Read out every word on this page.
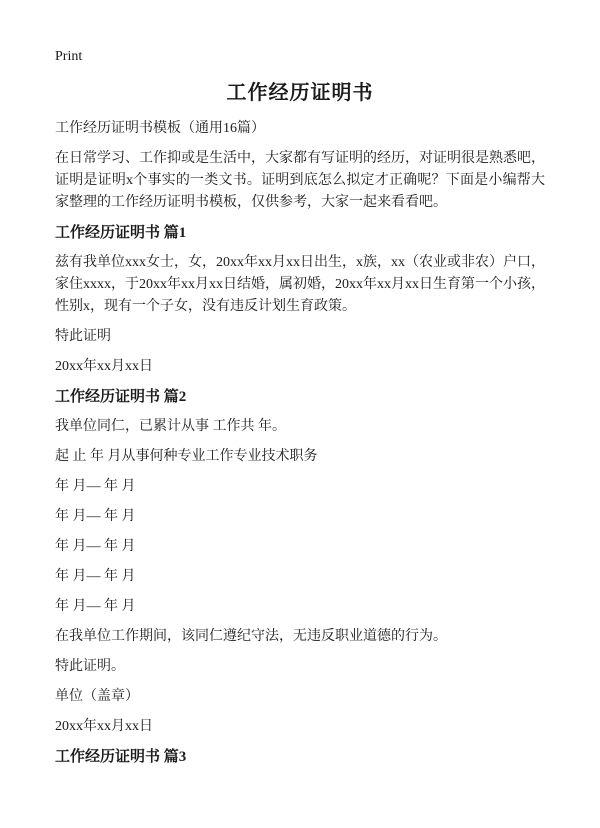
Print
工作经历证明书

工作经历证明书模板（通用16篇）

在日常学习、工作抑或是生活中，大家都有写证明的经历，对证明很是熟悉吧，证明是证明x个事实的一类文书。证明到底怎么拟定才正确呢？下面是小编帮大家整理的工作经历证明书模板，仅供参考，大家一起来看看吧。

工作经历证明书 篇1

兹有我单位xxx女士，女，20xx年xx月xx日出生，x族，xx（农业或非农）户口，家住xxxx，于20xx年xx月xx日结婚，属初婚，20xx年xx月xx日生育第一个小孩，性别x，现有一个子女，没有违反计划生育政策。

特此证明

20xx年xx月xx日

工作经历证明书 篇2

我单位同仁，已累计从事 工作共 年。

起 止 年 月从事何种专业工作专业技术职务

年 月— 年 月

年 月— 年 月

年 月— 年 月

年 月— 年 月

年 月— 年 月

在我单位工作期间，该同仁遵纪守法，无违反职业道德的行为。

特此证明。

单位（盖章）

20xx年xx月xx日

工作经历证明书 篇3
